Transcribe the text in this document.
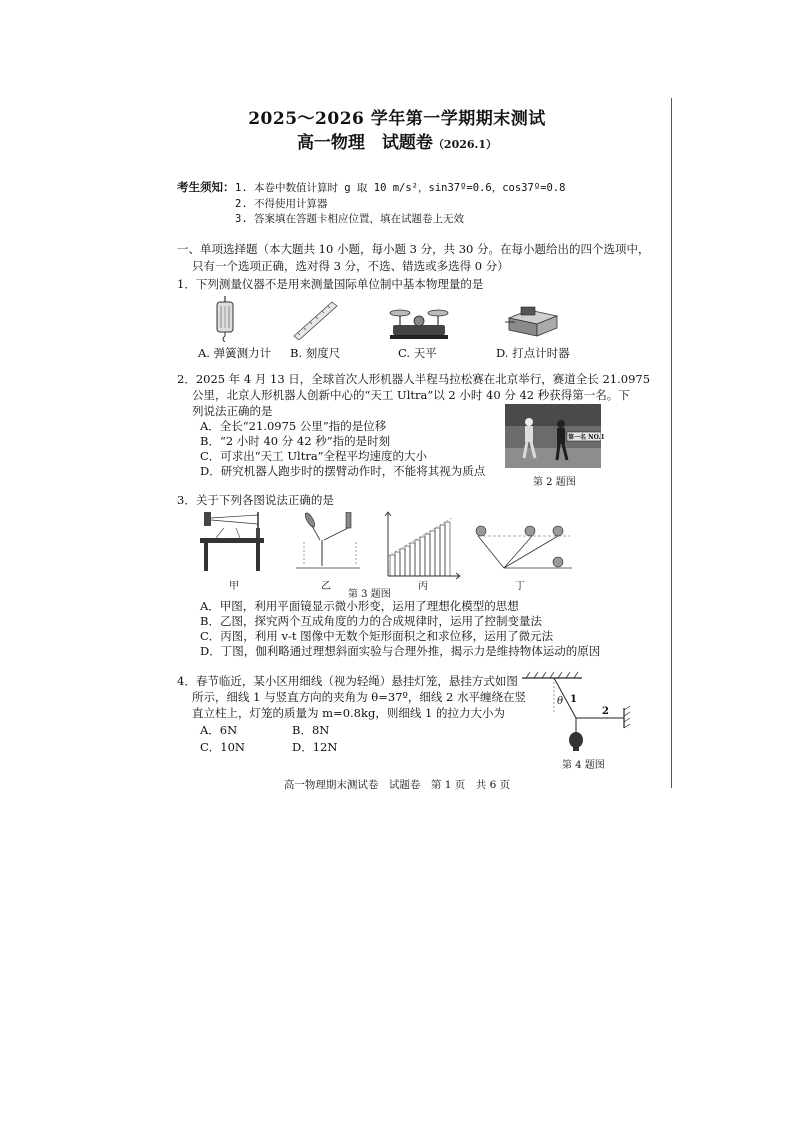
2025～2026 学年第一学期期末测试
高一物理　试题卷（2026.1）
考生须知： 1. 本卷中数值计算时 g 取 10 m/s²，sin37º=0.6，cos37º=0.8
2. 不得使用计算器
3. 答案填在答题卡相应位置，填在试题卷上无效
一、单项选择题（本大题共 10 小题，每小题 3 分，共 30 分。在每小题给出的四个选项中，
只有一个选项正确，选对得 3 分，不选、错选或多选得 0 分）
1．下列测量仪器不是用来测量国际单位制中基本物理量的是
A. 弹簧测力计 B. 刻度尺	C. 天平	D. 打点计时器
2．2025 年 4 月 13 日，全球首次人形机器人半程马拉松赛在北京举行，赛道全长 21.0975
公里，北京人形机器人创新中心的“天工 Ultra”以 2 小时 40 分 42 秒获得第一名。下
列说法正确的是
A．全长“21.0975 公里”指的是位移
B．“2 小时 40 分 42 秒”指的是时刻
C．可求出“天工 Ultra”全程平均速度的大小
D．研究机器人跑步时的摆臂动作时，不能将其视为质点
第一名 NO.1
第 2 题图
3．关于下列各图说法正确的是
甲	乙	丙	丁
第 3 题图
A．甲图，利用平面镜显示微小形变，运用了理想化模型的思想
B．乙图，探究两个互成角度的力的合成规律时，运用了控制变量法
C．丙图，利用 v-t 图像中无数个矩形面积之和求位移，运用了微元法
D．丁图，伽利略通过理想斜面实验与合理外推，揭示力是维持物体运动的原因
4．春节临近，某小区用细线（视为轻绳）悬挂灯笼，悬挂方式如图
所示，细线 1 与竖直方向的夹角为 θ=37º，细线 2 水平缠绕在竖
直立柱上，灯笼的质量为 m=0.8kg，则细线 1 的拉力大小为
A．6N	B．8N
C．10N	D．12N
θ 1
2
第 4 题图
高一物理期末测试卷　试题卷　第 1 页　共 6 页
